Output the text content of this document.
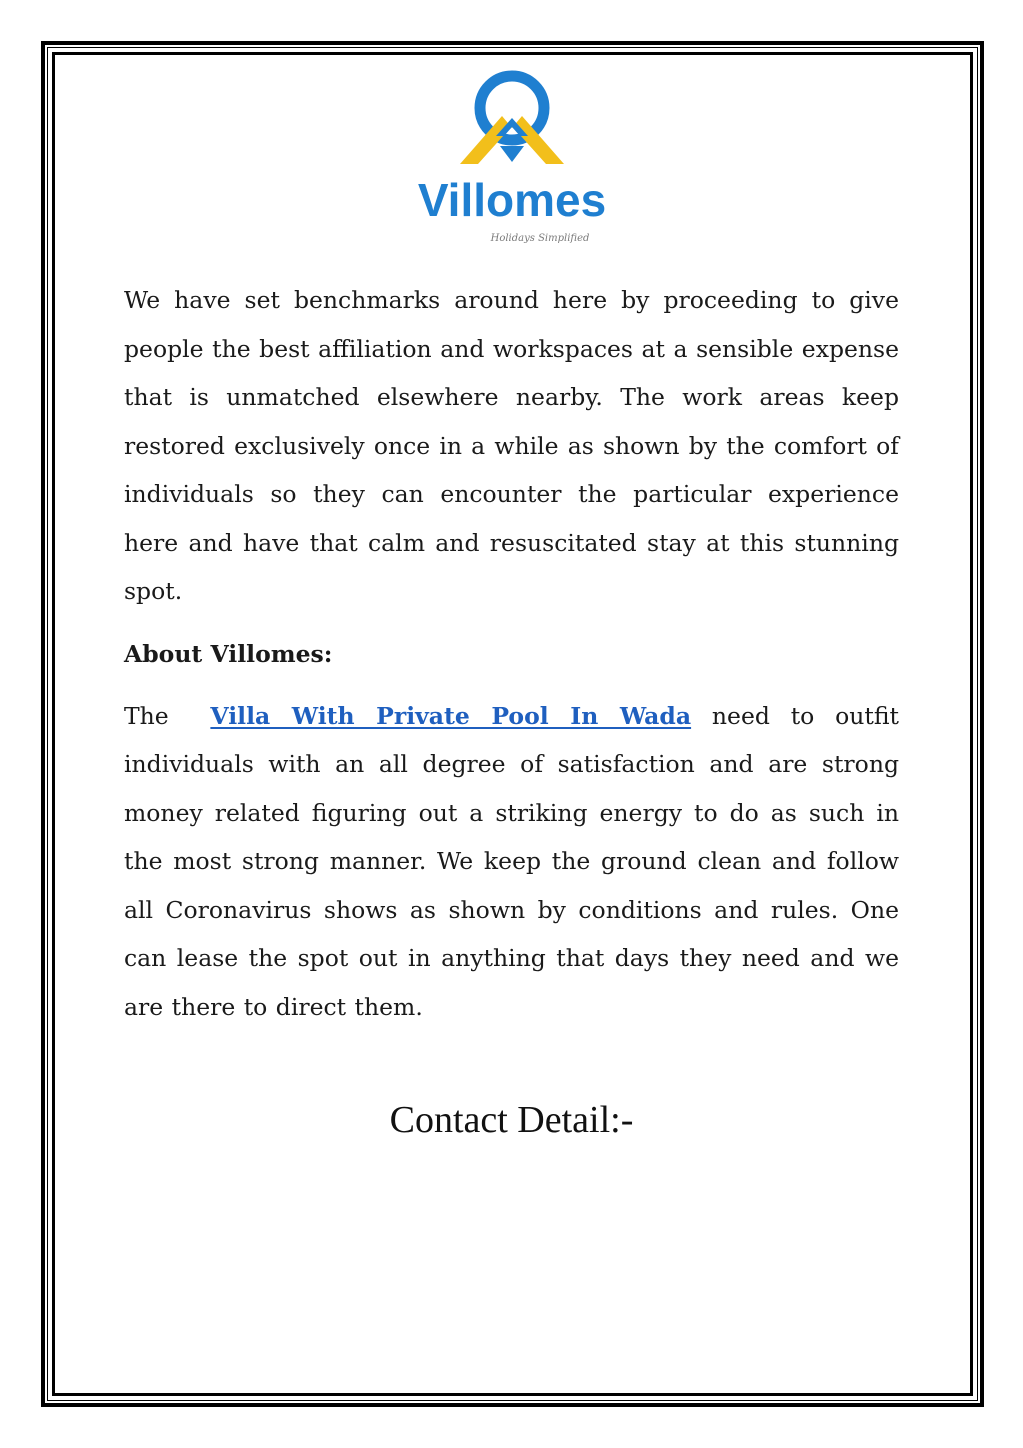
Villomes
Holidays Simplified

We have set benchmarks around here by proceeding to give people the best affiliation and workspaces at a sensible expense that is unmatched elsewhere nearby. The work areas keep restored exclusively once in a while as shown by the comfort of individuals so they can encounter the particular experience here and have that calm and resuscitated stay at this stunning spot.

About Villomes:

The Villa With Private Pool In Wada need to outfit individuals with an all degree of satisfaction and are strong money related figuring out a striking energy to do as such in the most strong manner. We keep the ground clean and follow all Coronavirus shows as shown by conditions and rules. One can lease the spot out in anything that days they need and we are there to direct them.

Contact Detail:-
